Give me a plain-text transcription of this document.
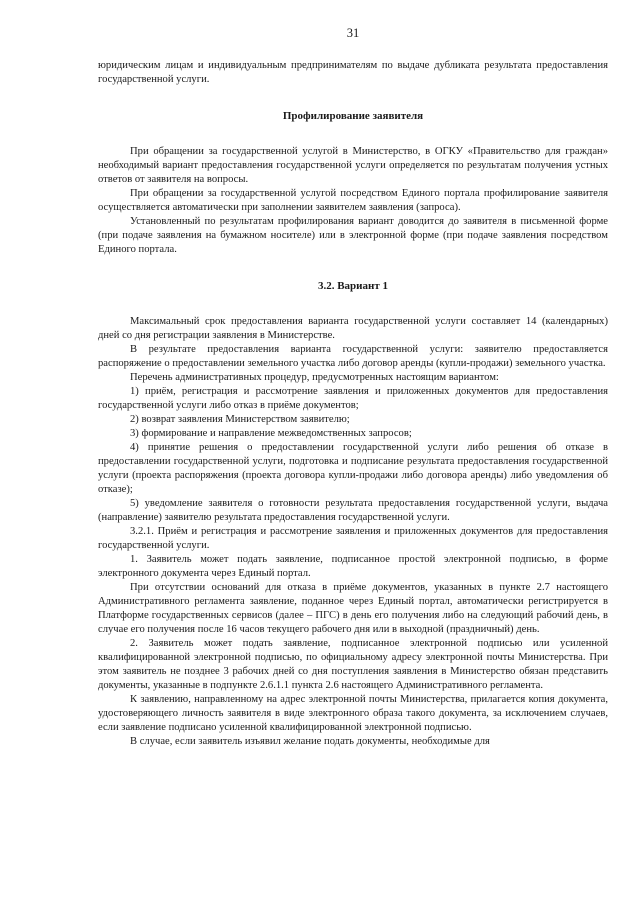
31

юридическим лицам и индивидуальным предпринимателям по выдаче дубликата результата предоставления государственной услуги.

Профилирование заявителя

При обращении за государственной услугой в Министерство, в ОГКУ «Правительство для граждан» необходимый вариант предоставления государственной услуги определяется по результатам получения устных ответов от заявителя на вопросы.

При обращении за государственной услугой посредством Единого портала профилирование заявителя осуществляется автоматически при заполнении заявителем заявления (запроса).

Установленный по результатам профилирования вариант доводится до заявителя в письменной форме (при подаче заявления на бумажном носителе) или в электронной форме (при подаче заявления посредством Единого портала.

3.2. Вариант 1

Максимальный срок предоставления варианта государственной услуги составляет 14 (календарных) дней со дня регистрации заявления в Министерстве.

В результате предоставления варианта государственной услуги: заявителю предоставляется распоряжение о предоставлении земельного участка либо договор аренды (купли-продажи) земельного участка.

Перечень административных процедур, предусмотренных настоящим вариантом:

1) приём, регистрация и рассмотрение заявления и приложенных документов для предоставления государственной услуги либо отказ в приёме документов;

2) возврат заявления Министерством заявителю;

3) формирование и направление межведомственных запросов;

4) принятие решения о предоставлении государственной услуги либо решения об отказе в предоставлении государственной услуги, подготовка и подписание результата предоставления государственной услуги (проекта распоряжения (проекта договора купли-продажи либо договора аренды) либо уведомления об отказе);

5) уведомление заявителя о готовности результата предоставления государственной услуги, выдача (направление) заявителю результата предоставления государственной услуги.

3.2.1. Приём и регистрация и рассмотрение заявления и приложенных документов для предоставления государственной услуги.

1. Заявитель может подать заявление, подписанное простой электронной подписью, в форме электронного документа через Единый портал.

При отсутствии оснований для отказа в приёме документов, указанных в пункте 2.7 настоящего Административного регламента заявление, поданное через Единый портал, автоматически регистрируется в Платформе государственных сервисов (далее – ПГС) в день его получения либо на следующий рабочий день, в случае его получения после 16 часов текущего рабочего дня или в выходной (праздничный) день.

2. Заявитель может подать заявление, подписанное электронной подписью или усиленной квалифицированной электронной подписью, по официальному адресу электронной почты Министерства. При этом заявитель не позднее 3 рабочих дней со дня поступления заявления в Министерство обязан представить документы, указанные в подпункте 2.6.1.1 пункта 2.6 настоящего Административного регламента.

К заявлению, направленному на адрес электронной почты Министерства, прилагается копия документа, удостоверяющего личность заявителя в виде электронного образа такого документа, за исключением случаев, если заявление подписано усиленной квалифицированной электронной подписью.

В случае, если заявитель изъявил желание подать документы, необходимые для
